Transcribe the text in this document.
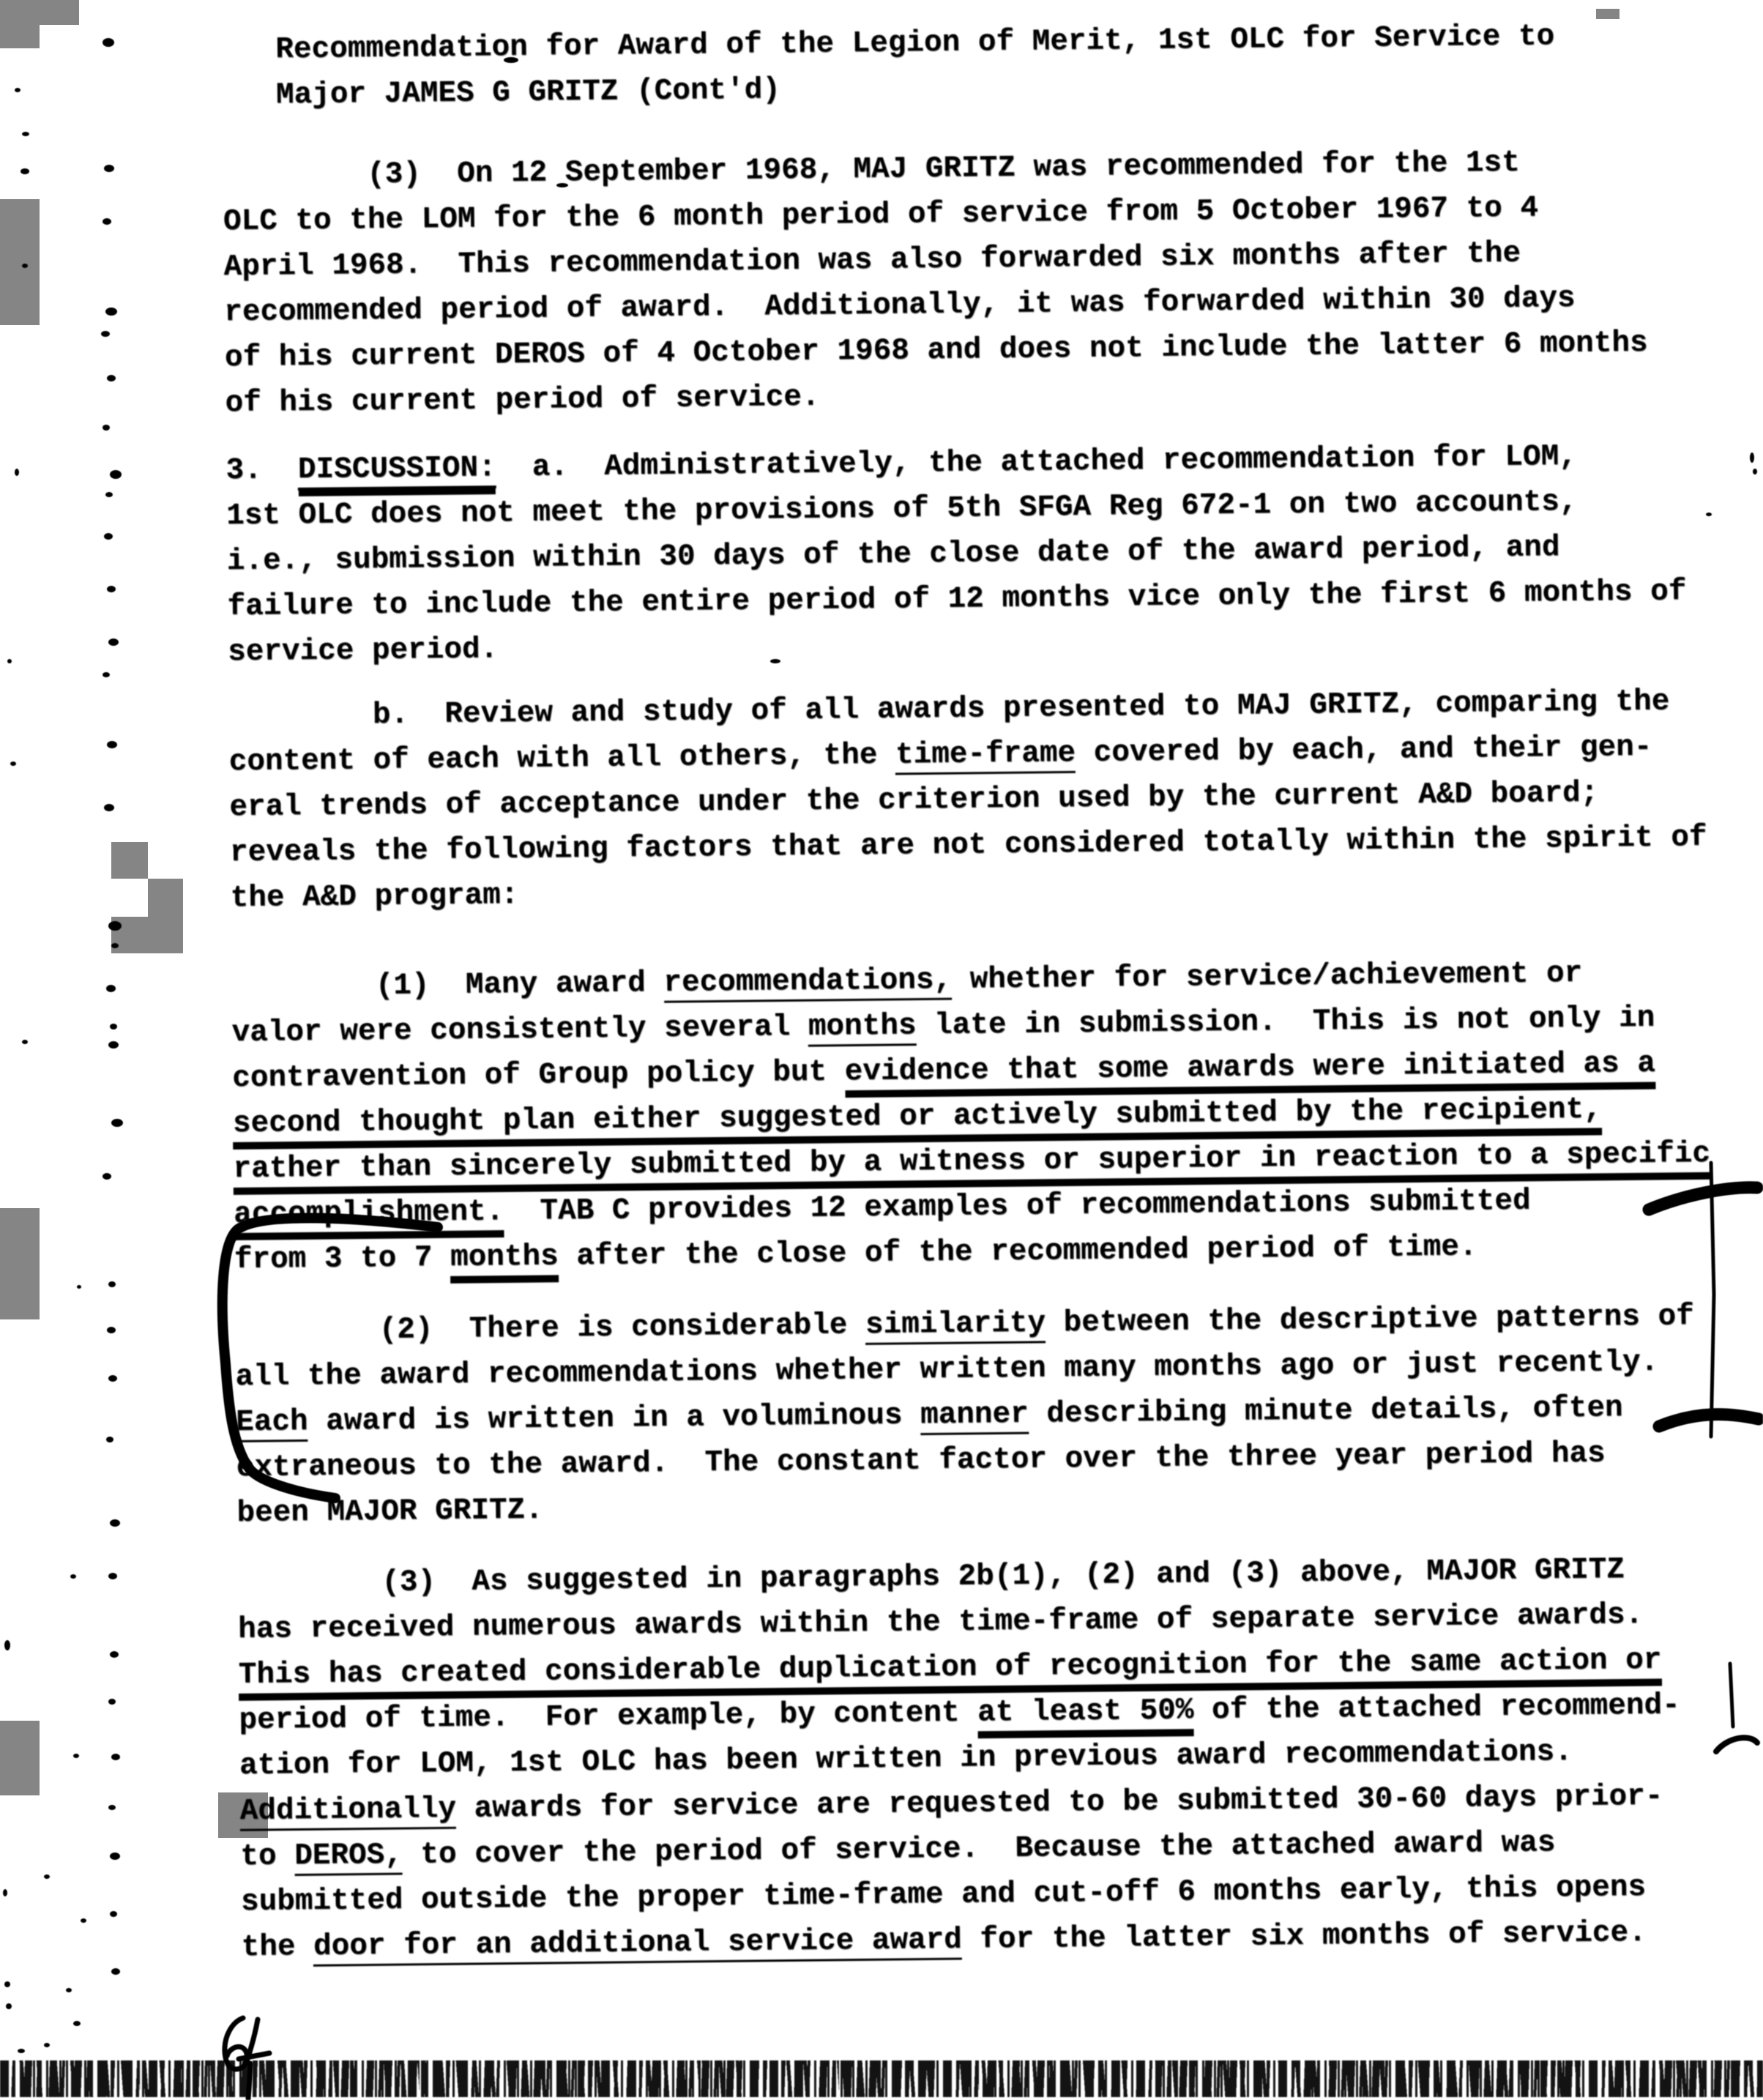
Recommendation for Award of the Legion of Merit, 1st OLC for Service to
Major JAMES G GRITZ (Cont'd)
(3)  On 12 September 1968, MAJ GRITZ was recommended for the 1st
OLC to the LOM for the 6 month period of service from 5 October 1967 to 4
April 1968.  This recommendation was also forwarded six months after the
recommended period of award.  Additionally, it was forwarded within 30 days
of his current DEROS of 4 October 1968 and does not include the latter 6 months
of his current period of service.
3.  DISCUSSION:  a.  Administratively, the attached recommendation for LOM,
1st OLC does not meet the provisions of 5th SFGA Reg 672-1 on two accounts,
i.e., submission within 30 days of the close date of the award period, and
failure to include the entire period of 12 months vice only the first 6 months of
service period.
b.  Review and study of all awards presented to MAJ GRITZ, comparing the
content of each with all others, the time-frame covered by each, and their gen-
eral trends of acceptance under the criterion used by the current A&D board;
reveals the following factors that are not considered totally within the spirit of
the A&D program:
(1)  Many award recommendations, whether for service/achievement or
valor were consistently several months late in submission.  This is not only in
contravention of Group policy but evidence that some awards were initiated as a
second thought plan either suggested or actively submitted by the recipient,
rather than sincerely submitted by a witness or superior in reaction to a specific
accomplishment.  TAB C provides 12 examples of recommendations submitted
from 3 to 7 months after the close of the recommended period of time.
(2)  There is considerable similarity between the descriptive patterns of
all the award recommendations whether written many months ago or just recently.
Each award is written in a voluminous manner describing minute details, often
extraneous to the award.  The constant factor over the three year period has
been MAJOR GRITZ.
(3)  As suggested in paragraphs 2b(1), (2) and (3) above, MAJOR GRITZ
has received numerous awards within the time-frame of separate service awards.
This has created considerable duplication of recognition for the same action or
period of time.  For example, by content at least 50% of the attached recommend-
ation for LOM, 1st OLC has been written in previous award recommendations.
Additionally awards for service are requested to be submitted 30-60 days prior-
to DEROS, to cover the period of service.  Because the attached award was
submitted outside the proper time-frame and cut-off 6 months early, this opens
the door for an additional service award for the latter six months of service.
